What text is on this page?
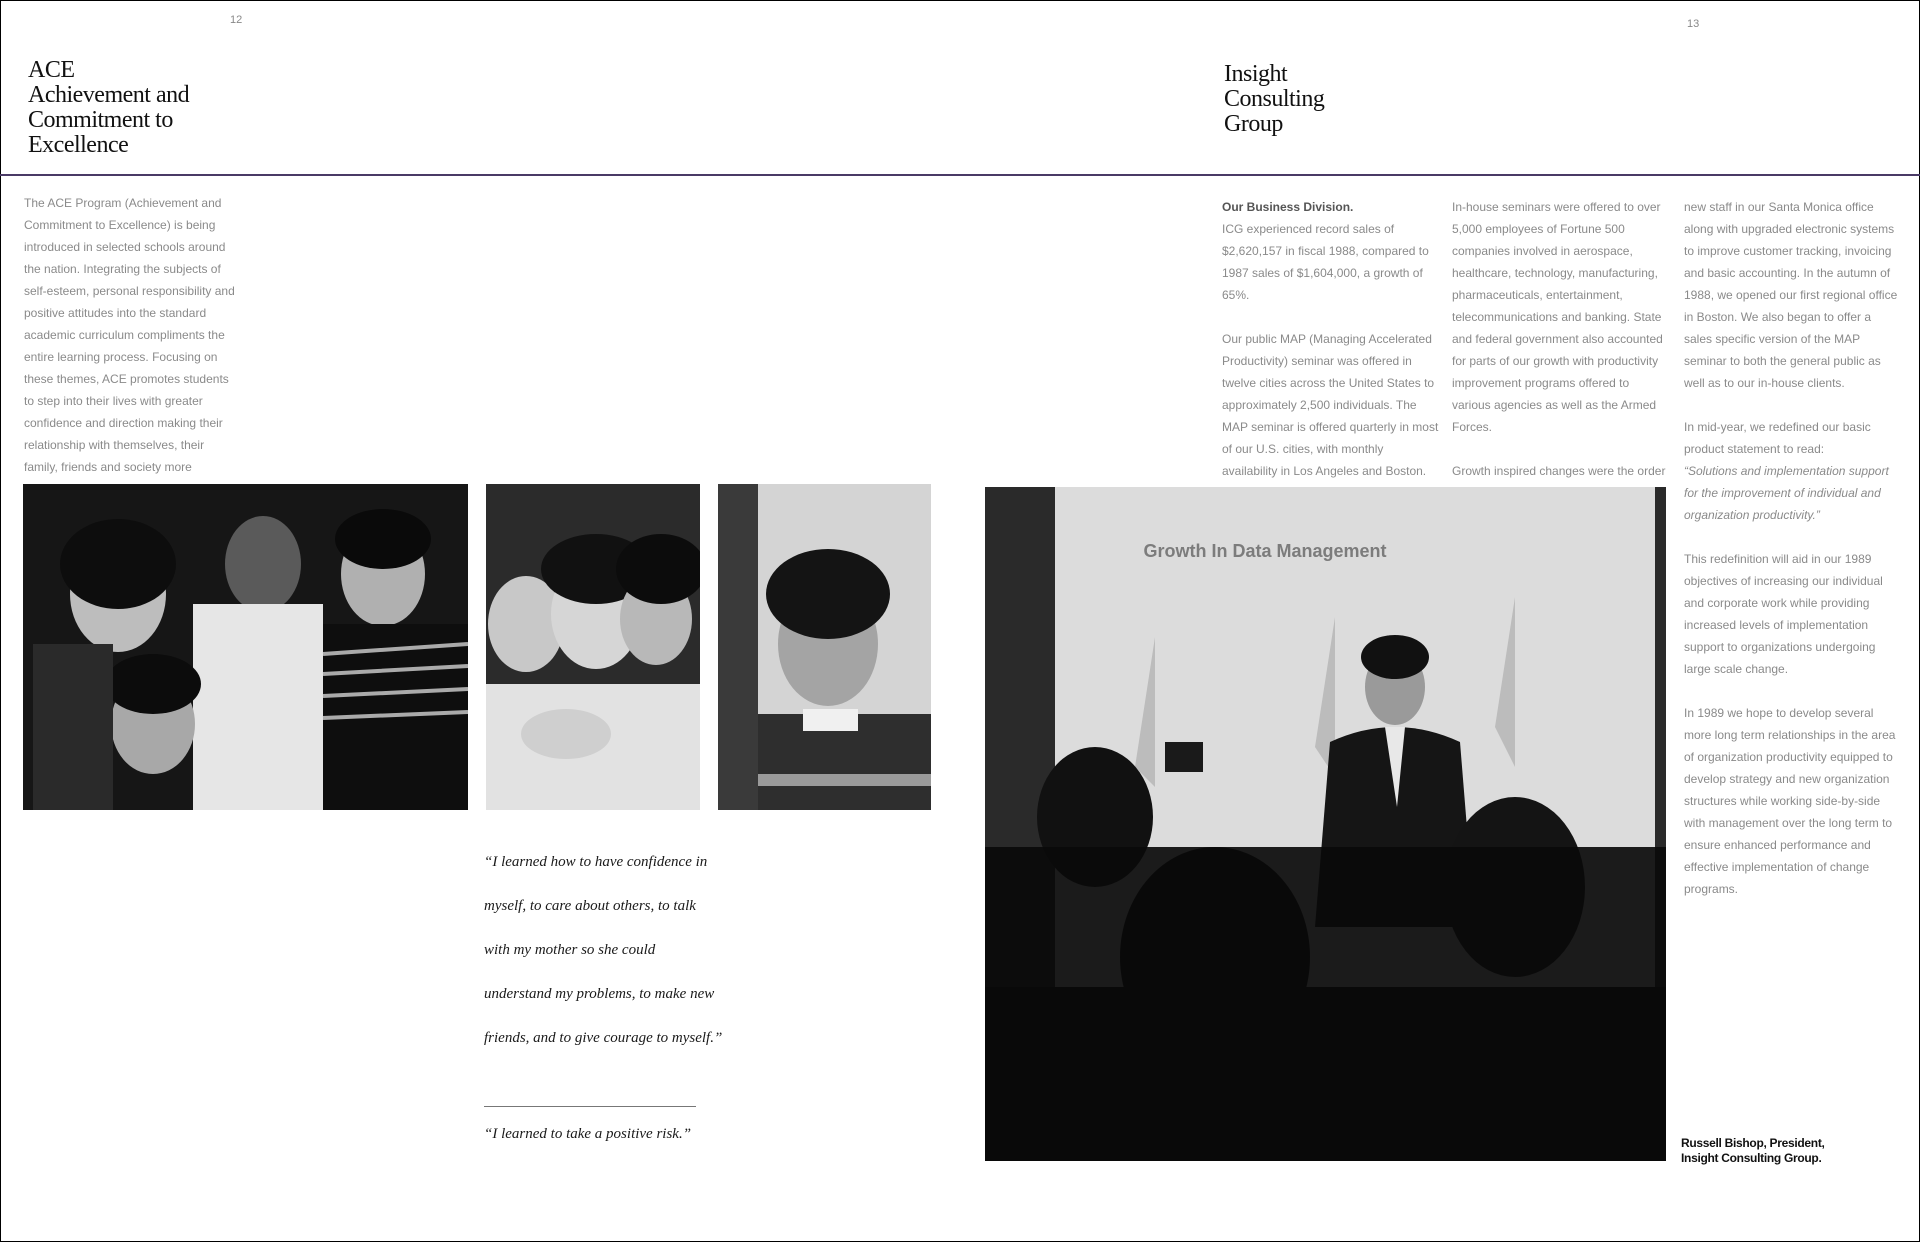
12
ACE
Achievement and
Commitment to
Excellence
13
Insight
Consulting
Group

The ACE Program (Achievement and Commitment to Excellence) is being introduced in selected schools around the nation. Integrating the subjects of self-esteem, personal responsibility and positive attitudes into the standard academic curriculum compliments the entire learning process. Focusing on these themes, ACE promotes students to step into their lives with greater confidence and direction making their relationship with themselves, their family, friends and society more

“I learned how to have confidence in myself, to care about others, to talk with my mother so she could understand my problems, to make new friends, and to give courage to myself.”
“I learned to take a positive risk.”

Our Business Division.

ICG experienced record sales of $2,620,157 in fiscal 1988, compared to 1987 sales of $1,604,000, a growth of 65%.

Our public MAP (Managing Accelerated Productivity) seminar was offered in twelve cities across the United States to approximately 2,500 individuals. The MAP seminar is offered quarterly in most of our U.S. cities, with monthly availability in Los Angeles and Boston.

In-house seminars were offered to over 5,000 employees of Fortune 500 companies involved in aerospace, healthcare, technology, manufacturing, pharmaceuticals, entertainment, telecommunications and banking. State and federal government also accounted for parts of our growth with productivity improvement programs offered to various agencies as well as the Armed Forces.

Growth inspired changes were the order

new staff in our Santa Monica office along with upgraded electronic systems to improve customer tracking, invoicing and basic accounting. In the autumn of 1988, we opened our first regional office in Boston. We also began to offer a sales specific version of the MAP seminar to both the general public as well as to our in-house clients.

In mid-year, we redefined our basic product statement to read:

“Solutions and implementation support for the improvement of individual and organization productivity.”

This redefinition will aid in our 1989 objectives of increasing our individual and corporate work while providing increased levels of implementation support to organizations undergoing large scale change.

In 1989 we hope to develop several more long term relationships in the area of organization productivity equipped to develop strategy and new organization structures while working side-by-side with management over the long term to ensure enhanced performance and effective implementation of change programs.

Growth In Data Management
Russell Bishop, President,
Insight Consulting Group.
